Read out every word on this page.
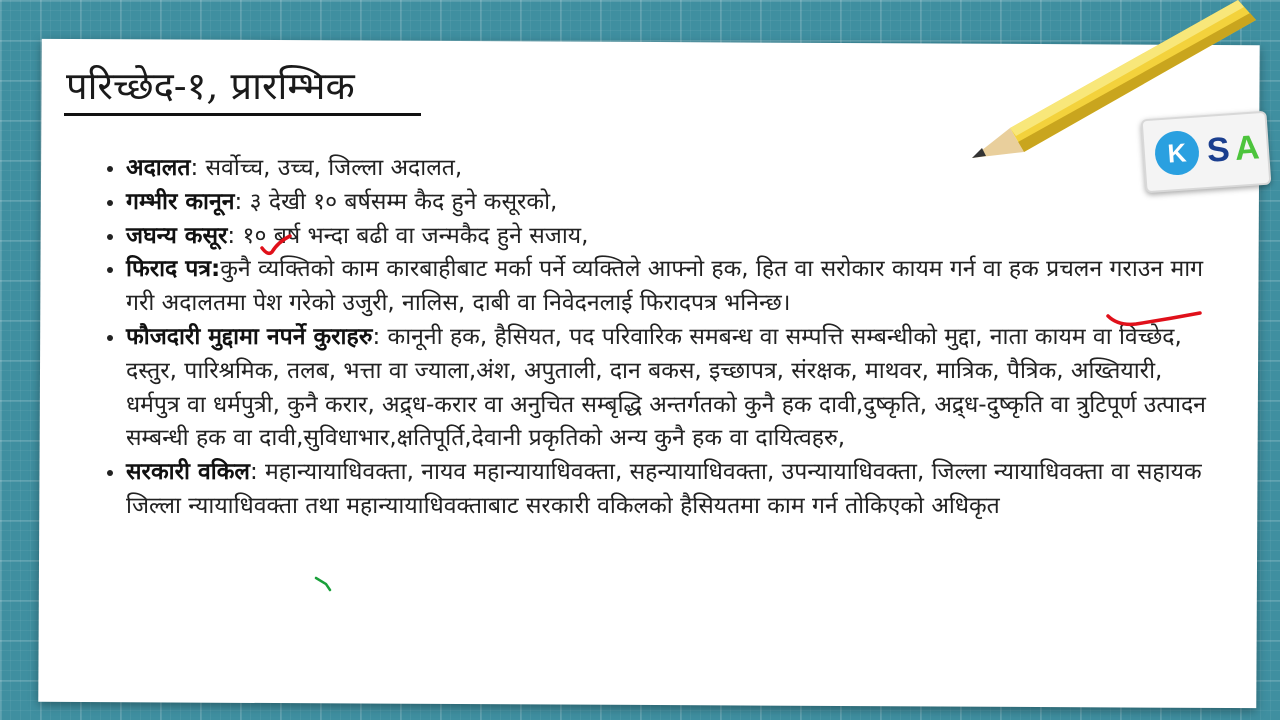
K S A
परिच्छेद-१, प्रारम्भिक
• अदालत: सर्वोच्च, उच्च, जिल्ला अदालत,
• गम्भीर कानून: ३ देखी १० बर्षसम्म कैद हुने कसूरको,
• जघन्य कसूर: १० बर्ष भन्दा बढी वा जन्मकैद हुने सजाय,
• फिराद पत्र:कुनै व्यक्तिको काम कारबाहीबाट मर्का पर्ने व्यक्तिले आफ्नो हक, हित वा सरोकार कायम गर्न वा हक प्रचलन गराउन माग गरी अदालतमा पेश गरेको उजुरी, नालिस, दाबी वा निवेदनलाई फिरादपत्र भनिन्छ।
• फौजदारी मुद्दामा नपर्ने कुराहरु: कानूनी हक, हैसियत, पद परिवारिक समबन्ध वा सम्पत्ति सम्बन्धीको मुद्दा, नाता कायम वा विच्छेद, दस्तुर, पारिश्रमिक, तलब, भत्ता वा ज्याला,अंश, अपुताली, दान बकस, इच्छापत्र, संरक्षक, माथवर, मात्रिक, पैत्रिक, अख्तियारी, धर्मपुत्र वा धर्मपुत्री, कुनै करार, अद्र्ध-करार वा अनुचित सम्बृद्धि अन्तर्गतको कुनै हक दावी,दुष्कृति, अद्र्ध-दुष्कृति वा त्रुटिपूर्ण उत्पादन सम्बन्धी हक वा दावी,सुविधाभार,क्षतिपूर्ति,देवानी प्रकृतिको अन्य कुनै हक वा दायित्वहरु,
• सरकारी वकिल: महान्यायाधिवक्ता, नायव महान्यायाधिवक्ता, सहन्यायाधिवक्ता, उपन्यायाधिवक्ता, जिल्ला न्यायाधिवक्ता वा सहायक जिल्ला न्यायाधिवक्ता तथा महान्यायाधिवक्ताबाट सरकारी वकिलको हैसियतमा काम गर्न तोकिएको अधिकृत
